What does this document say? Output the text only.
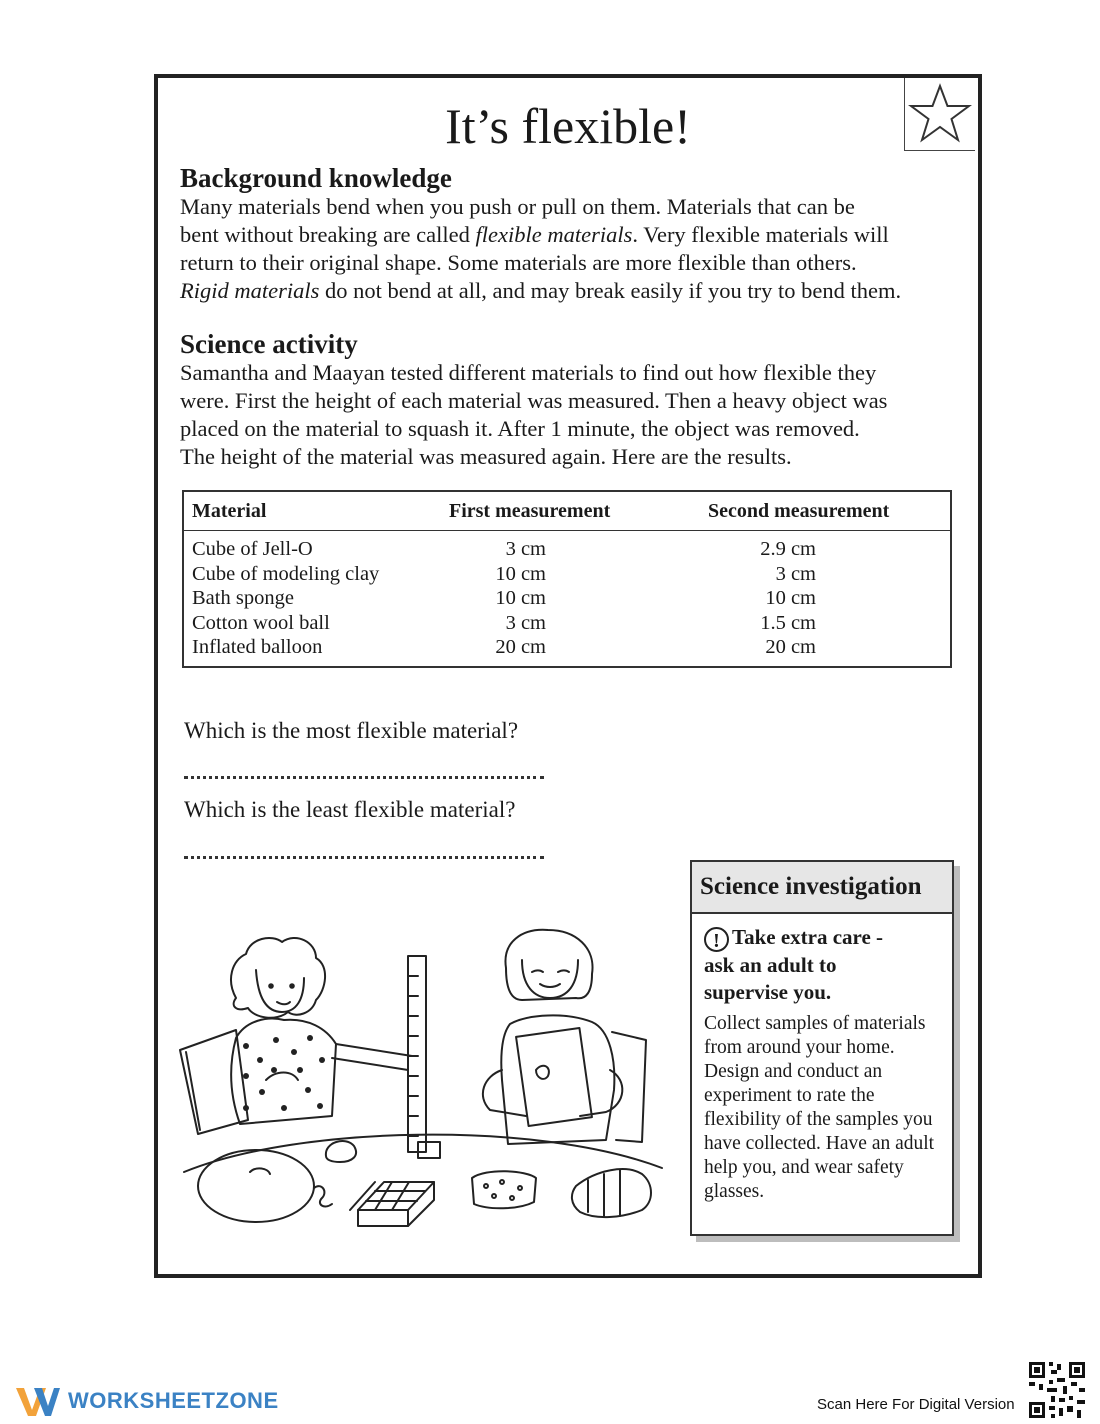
It’s flexible!
Background knowledge
Many materials bend when you push or pull on them. Materials that can be
bent without breaking are called flexible materials. Very flexible materials will
return to their original shape. Some materials are more flexible than others.
Rigid materials do not bend at all, and may break easily if you try to bend them.
Science activity
Samantha and Maayan tested different materials to find out how flexible they
were. First the height of each material was measured. Then a heavy object was
placed on the material to squash it. After 1 minute, the object was removed.
The height of the material was measured again. Here are the results.
Material	First measurement	Second measurement
Cube of Jell-O	3 cm	2.9 cm
Cube of modeling clay	10 cm	3 cm
Bath sponge	10 cm	10 cm
Cotton wool ball	3 cm	1.5 cm
Inflated balloon	20 cm	20 cm
Which is the most flexible material?
Which is the least flexible material?
Science investigation
! Take extra care - ask an adult to supervise you.
Collect samples of materials from around your home. Design and conduct an experiment to rate the flexibility of the samples you have collected. Have an adult help you, and wear safety glasses.
WORKSHEETZONE	Scan Here For Digital Version
